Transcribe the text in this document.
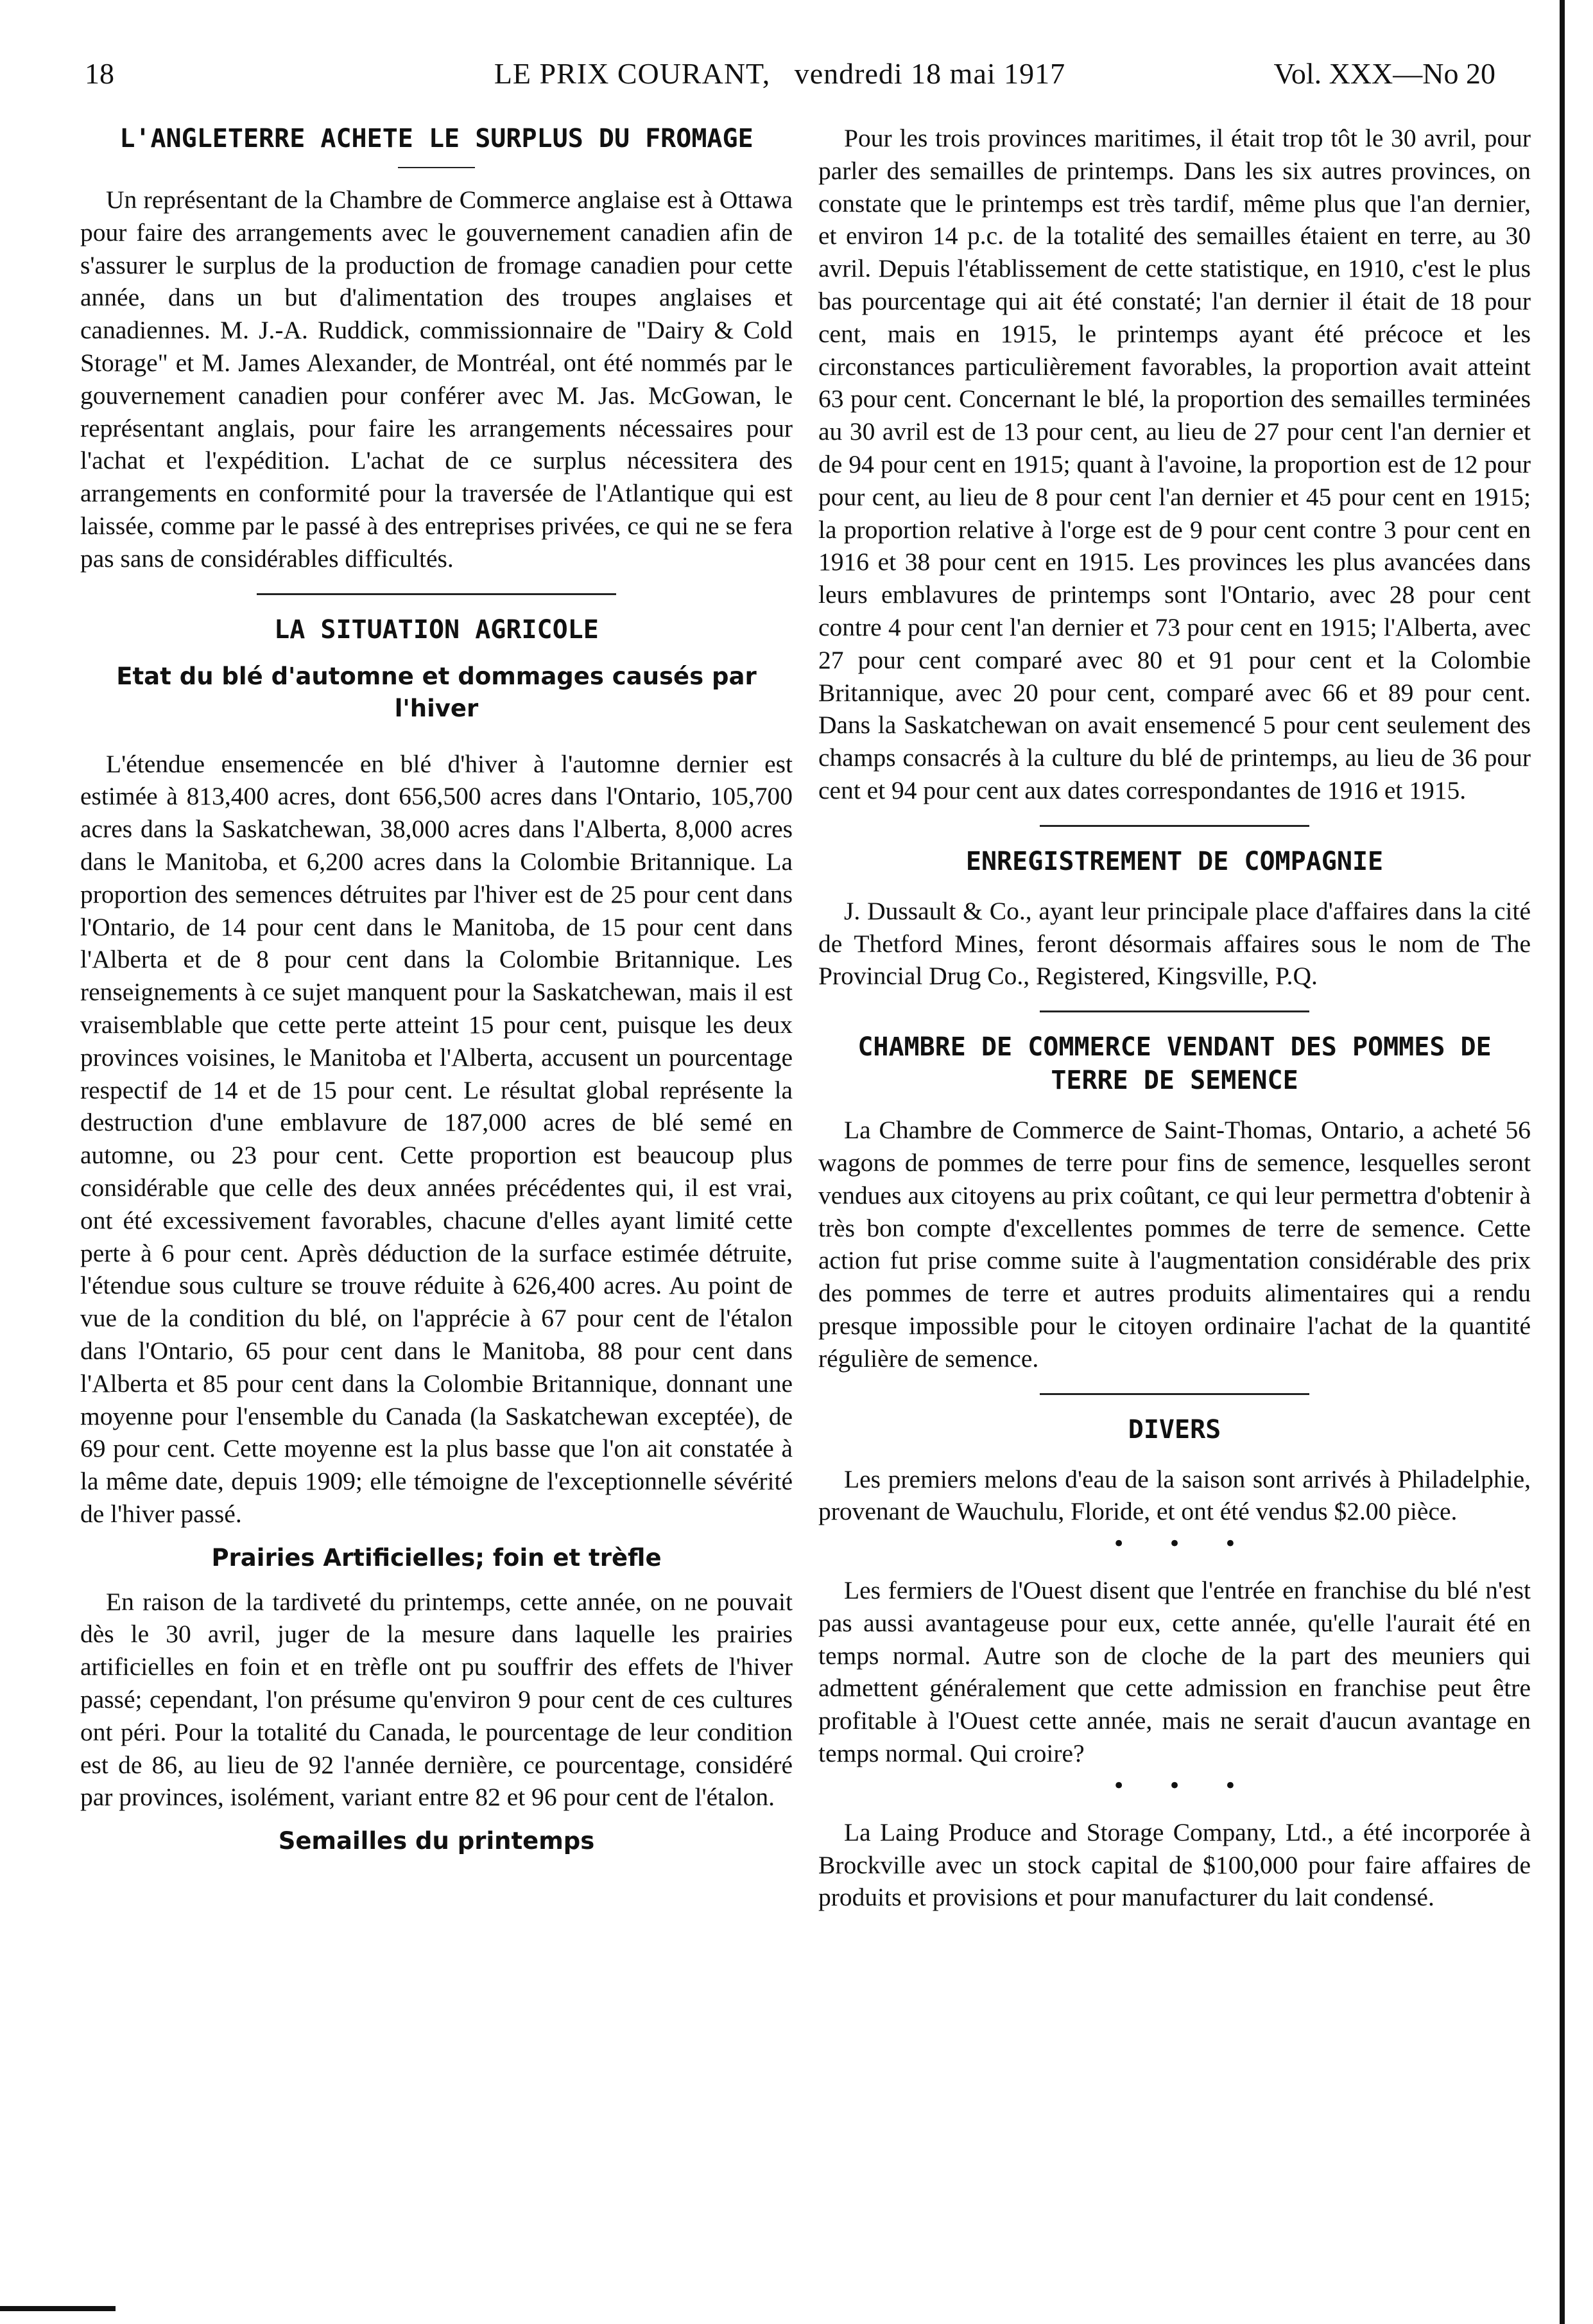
18	LE PRIX COURANT, vendredi 18 mai 1917	Vol. XXX—No 20
L'ANGLETERRE ACHETE LE SURPLUS DU FROMAGE

Un représentant de la Chambre de Commerce anglaise est à Ottawa pour faire des arrangements avec le gouvernement canadien afin de s'assurer le surplus de la production de fromage canadien pour cette année, dans un but d'alimentation des troupes anglaises et canadiennes. M. J.-A. Ruddick, commissionnaire de "Dairy & Cold Storage" et M. James Alexander, de Montréal, ont été nommés par le gouvernement canadien pour conférer avec M. Jas. McGowan, le représentant anglais, pour faire les arrangements nécessaires pour l'achat et l'expédition. L'achat de ce surplus nécessitera des arrangements en conformité pour la traversée de l'Atlantique qui est laissée, comme par le passé à des entreprises privées, ce qui ne se fera pas sans de considérables difficultés.

LA SITUATION AGRICOLE
Etat du blé d'automne et dommages causés par l'hiver

L'étendue ensemencée en blé d'hiver à l'automne dernier est estimée à 813,400 acres, dont 656,500 acres dans l'Ontario, 105,700 acres dans la Saskatchewan, 38,000 acres dans l'Alberta, 8,000 acres dans le Manitoba, et 6,200 acres dans la Colombie Britannique. La proportion des semences détruites par l'hiver est de 25 pour cent dans l'Ontario, de 14 pour cent dans le Manitoba, de 15 pour cent dans l'Alberta et de 8 pour cent dans la Colombie Britannique. Les renseignements à ce sujet manquent pour la Saskatchewan, mais il est vraisemblable que cette perte atteint 15 pour cent, puisque les deux provinces voisines, le Manitoba et l'Alberta, accusent un pourcentage respectif de 14 et de 15 pour cent. Le résultat global représente la destruction d'une emblavure de 187,000 acres de blé semé en automne, ou 23 pour cent. Cette proportion est beaucoup plus considérable que celle des deux années précédentes qui, il est vrai, ont été excessivement favorables, chacune d'elles ayant limité cette perte à 6 pour cent. Après déduction de la surface estimée détruite, l'étendue sous culture se trouve réduite à 626,400 acres. Au point de vue de la condition du blé, on l'apprécie à 67 pour cent de l'étalon dans l'Ontario, 65 pour cent dans le Manitoba, 88 pour cent dans l'Alberta et 85 pour cent dans la Colombie Britannique, donnant une moyenne pour l'ensemble du Canada (la Saskatchewan exceptée), de 69 pour cent. Cette moyenne est la plus basse que l'on ait constatée à la même date, depuis 1909; elle témoigne de l'exceptionnelle sévérité de l'hiver passé.

Prairies Artificielles; foin et trèfle

En raison de la tardiveté du printemps, cette année, on ne pouvait dès le 30 avril, juger de la mesure dans laquelle les prairies artificielles en foin et en trèfle ont pu souffrir des effets de l'hiver passé; cependant, l'on présume qu'environ 9 pour cent de ces cultures ont péri. Pour la totalité du Canada, le pourcentage de leur condition est de 86, au lieu de 92 l'année dernière, ce pourcentage, considéré par provinces, isolément, variant entre 82 et 96 pour cent de l'étalon.

Semailles du printemps

Pour les trois provinces maritimes, il était trop tôt le 30 avril, pour parler des semailles de printemps. Dans les six autres provinces, on constate que le printemps est très tardif, même plus que l'an dernier, et environ 14 p.c. de la totalité des semailles étaient en terre, au 30 avril. Depuis l'établissement de cette statistique, en 1910, c'est le plus bas pourcentage qui ait été constaté; l'an dernier il était de 18 pour cent, mais en 1915, le printemps ayant été précoce et les circonstances particulièrement favorables, la proportion avait atteint 63 pour cent. Concernant le blé, la proportion des semailles terminées au 30 avril est de 13 pour cent, au lieu de 27 pour cent l'an dernier et de 94 pour cent en 1915; quant à l'avoine, la proportion est de 12 pour pour cent, au lieu de 8 pour cent l'an dernier et 45 pour cent en 1915; la proportion relative à l'orge est de 9 pour cent contre 3 pour cent en 1916 et 38 pour cent en 1915. Les provinces les plus avancées dans leurs emblavures de printemps sont l'Ontario, avec 28 pour cent contre 4 pour cent l'an dernier et 73 pour cent en 1915; l'Alberta, avec 27 pour cent comparé avec 80 et 91 pour cent et la Colombie Britannique, avec 20 pour cent, comparé avec 66 et 89 pour cent. Dans la Saskatchewan on avait ensemencé 5 pour cent seulement des champs consacrés à la culture du blé de printemps, au lieu de 36 pour cent et 94 pour cent aux dates correspondantes de 1916 et 1915.

ENREGISTREMENT DE COMPAGNIE

J. Dussault & Co., ayant leur principale place d'affaires dans la cité de Thetford Mines, feront désormais affaires sous le nom de The Provincial Drug Co., Registered, Kingsville, P.Q.

CHAMBRE DE COMMERCE VENDANT DES POMMES DE TERRE DE SEMENCE

La Chambre de Commerce de Saint-Thomas, Ontario, a acheté 56 wagons de pommes de terre pour fins de semence, lesquelles seront vendues aux citoyens au prix coûtant, ce qui leur permettra d'obtenir à très bon compte d'excellentes pommes de terre de semence. Cette action fut prise comme suite à l'augmentation considérable des prix des pommes de terre et autres produits alimentaires qui a rendu presque impossible pour le citoyen ordinaire l'achat de la quantité régulière de semence.

DIVERS

Les premiers melons d'eau de la saison sont arrivés à Philadelphie, provenant de Wauchulu, Floride, et ont été vendus $2.00 pièce.

• • •

Les fermiers de l'Ouest disent que l'entrée en franchise du blé n'est pas aussi avantageuse pour eux, cette année, qu'elle l'aurait été en temps normal. Autre son de cloche de la part des meuniers qui admettent généralement que cette admission en franchise peut être profitable à l'Ouest cette année, mais ne serait d'aucun avantage en temps normal. Qui croire?

• • •

La Laing Produce and Storage Company, Ltd., a été incorporée à Brockville avec un stock capital de $100,000 pour faire affaires de produits et provisions et pour manufacturer du lait condensé.
